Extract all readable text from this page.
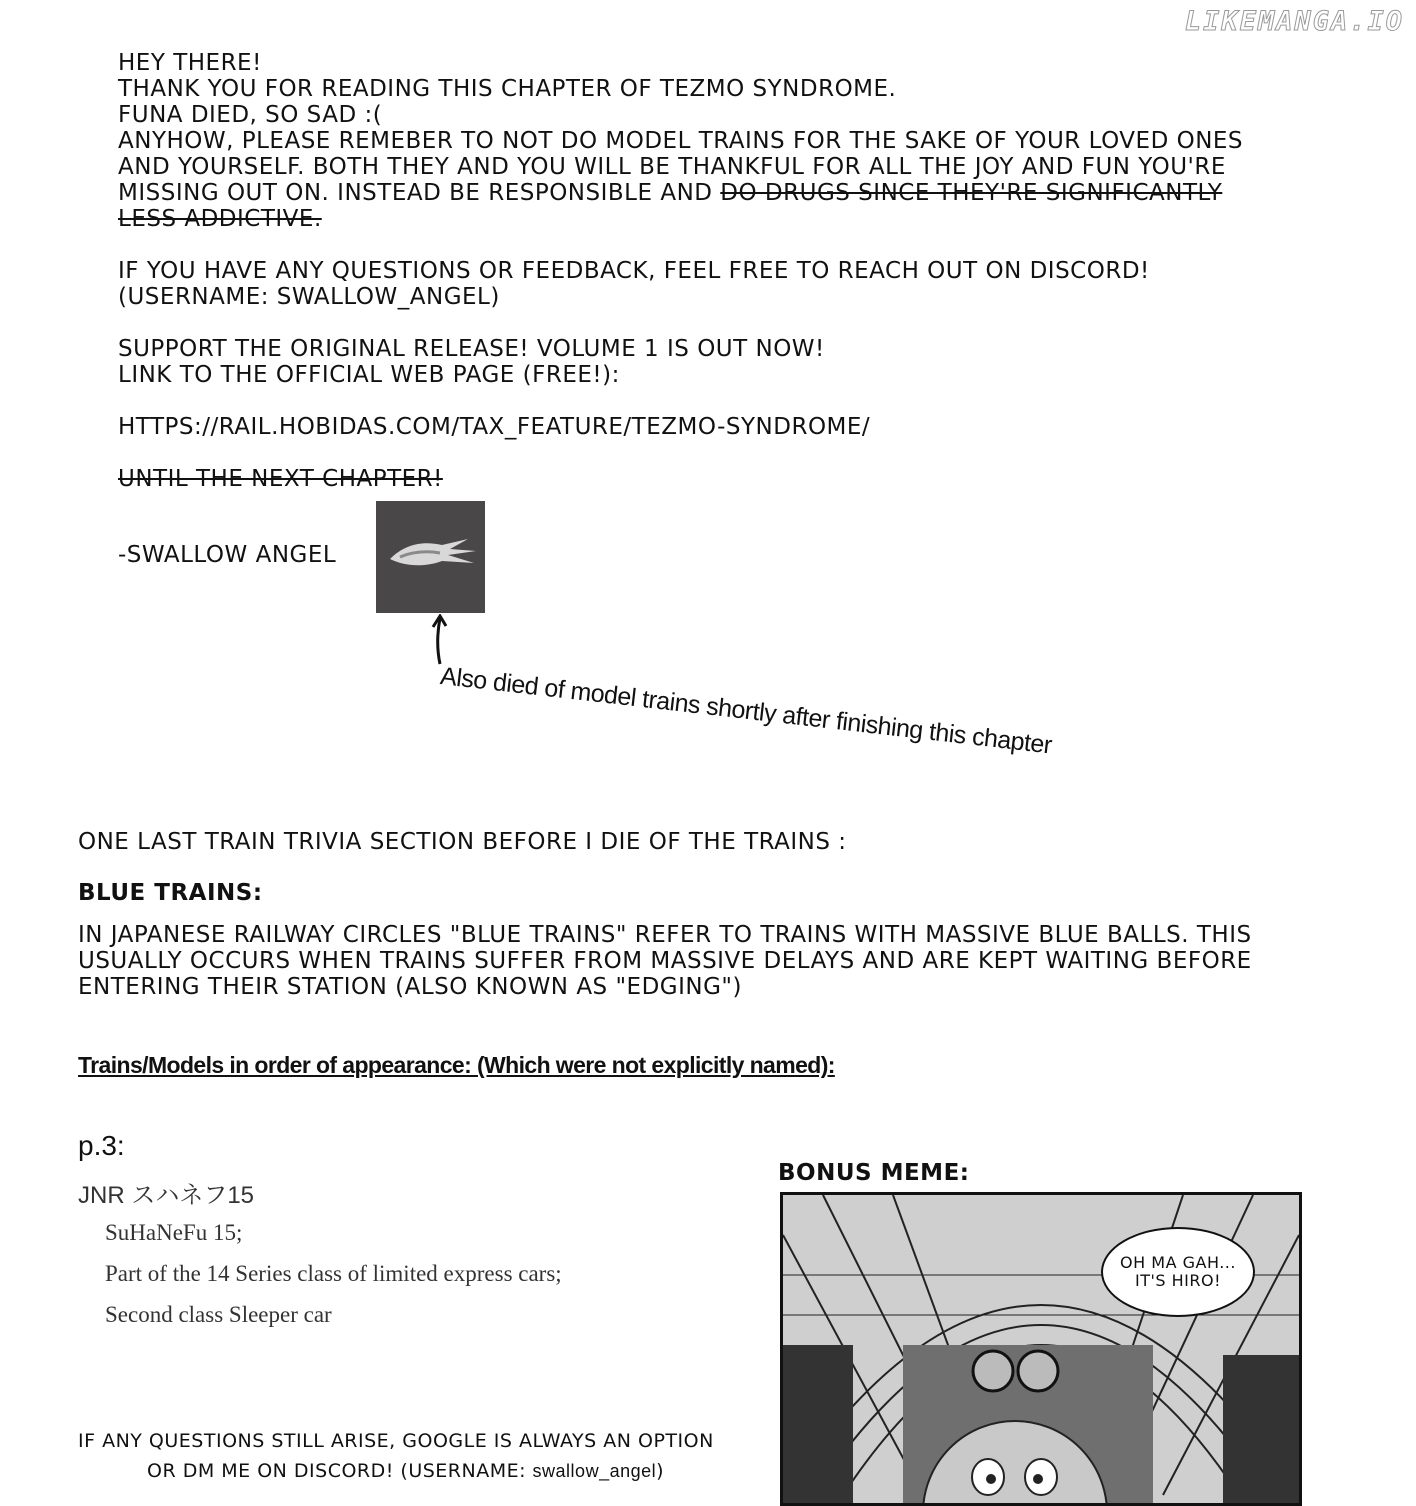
LIKEMANGA.IO

HEY THERE!

THANK YOU FOR READING THIS CHAPTER OF TEZMO SYNDROME.

FUNA DIED, SO SAD :(

ANYHOW, PLEASE REMEBER TO NOT DO MODEL TRAINS FOR THE SAKE OF YOUR LOVED ONES

AND YOURSELF. BOTH THEY AND YOU WILL BE THANKFUL FOR ALL THE JOY AND FUN YOU'RE

MISSING OUT ON. INSTEAD BE RESPONSIBLE AND DO DRUGS SINCE THEY'RE SIGNIFICANTLY

LESS ADDICTIVE.

IF YOU HAVE ANY QUESTIONS OR FEEDBACK, FEEL FREE TO REACH OUT ON DISCORD!

(USERNAME: SWALLOW_ANGEL)

SUPPORT THE ORIGINAL RELEASE! VOLUME 1 IS OUT NOW!

LINK TO THE OFFICIAL WEB PAGE (FREE!):

HTTPS://RAIL.HOBIDAS.COM/TAX_FEATURE/TEZMO-SYNDROME/

UNTIL THE NEXT CHAPTER!

-SWALLOW ANGEL

Also died of model trains shortly after finishing this chapter
ONE LAST TRAIN TRIVIA SECTION BEFORE I DIE OF THE TRAINS :
BLUE TRAINS:
IN JAPANESE RAILWAY CIRCLES "BLUE TRAINS" REFER TO TRAINS WITH MASSIVE BLUE BALLS. THIS
USUALLY OCCURS WHEN TRAINS SUFFER FROM MASSIVE DELAYS AND ARE KEPT WAITING BEFORE
ENTERING THEIR STATION (ALSO KNOWN AS "EDGING")
Trains/Models in order of appearance: (Which were not explicitly named):
p.3:
JNR スハネフ15
SuHaNeFu 15;
Part of the 14 Series class of limited express cars;
Second class Sleeper car
IF ANY QUESTIONS STILL ARISE, GOOGLE IS ALWAYS AN OPTION
OR DM ME ON DISCORD! (USERNAME: swallow_angel)
BONUS MEME:
OH MA GAH...
IT'S HIRO!
